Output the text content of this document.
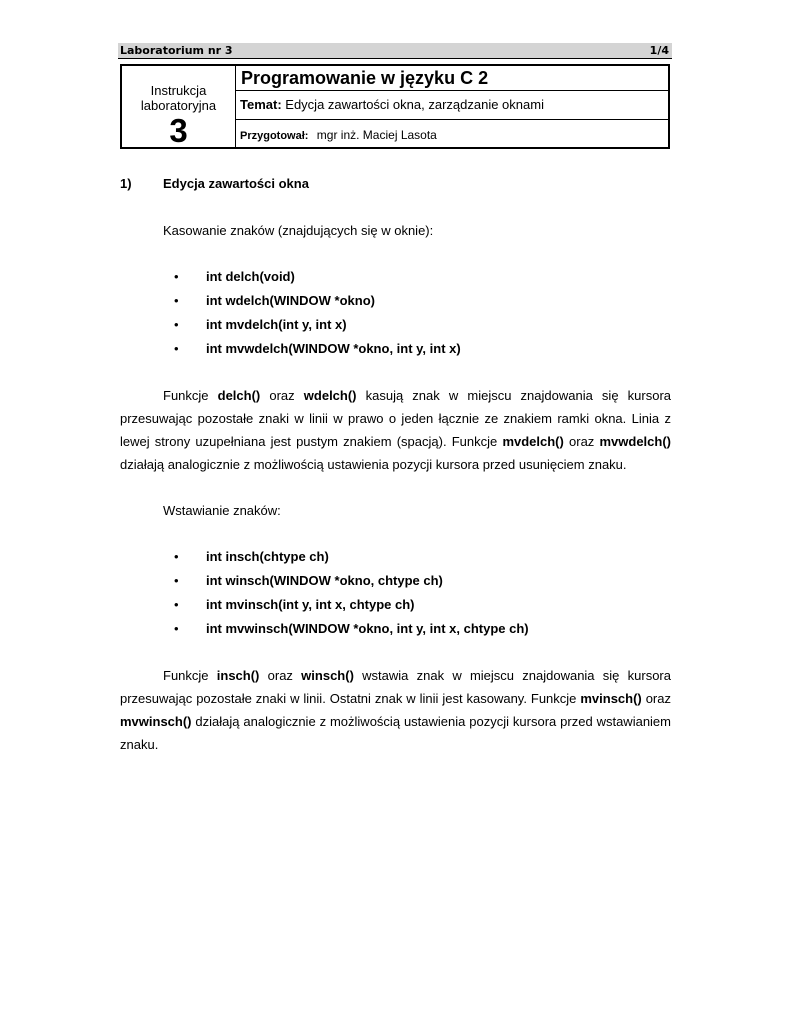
Laboratorium nr 3	1/4
Instrukcja
laboratoryjna
3
Programowanie w języku C 2
Temat: Edycja zawartości okna, zarządzanie oknami
Przygotował: mgr inż. Maciej Lasota
1) Edycja zawartości okna
Kasowanie znaków (znajdujących się w oknie):
• int delch(void)
• int wdelch(WINDOW *okno)
• int mvdelch(int y, int x)
• int mvwdelch(WINDOW *okno, int y, int x)
Funkcje delch() oraz wdelch() kasują znak w miejscu znajdowania się kursora przesuwając pozostałe znaki w linii w prawo o jeden łącznie ze znakiem ramki okna. Linia z lewej strony uzupełniana jest pustym znakiem (spacją). Funkcje mvdelch() oraz mvwdelch() działają analogicznie z możliwością ustawienia pozycji kursora przed usunięciem znaku.
Wstawianie znaków:
• int insch(chtype ch)
• int winsch(WINDOW *okno, chtype ch)
• int mvinsch(int y, int x, chtype ch)
• int mvwinsch(WINDOW *okno, int y, int x, chtype ch)
Funkcje insch() oraz winsch() wstawia znak w miejscu znajdowania się kursora przesuwając pozostałe znaki w linii. Ostatni znak w linii jest kasowany. Funkcje mvinsch() oraz mvwinsch() działają analogicznie z możliwością ustawienia pozycji kursora przed wstawianiem znaku.
